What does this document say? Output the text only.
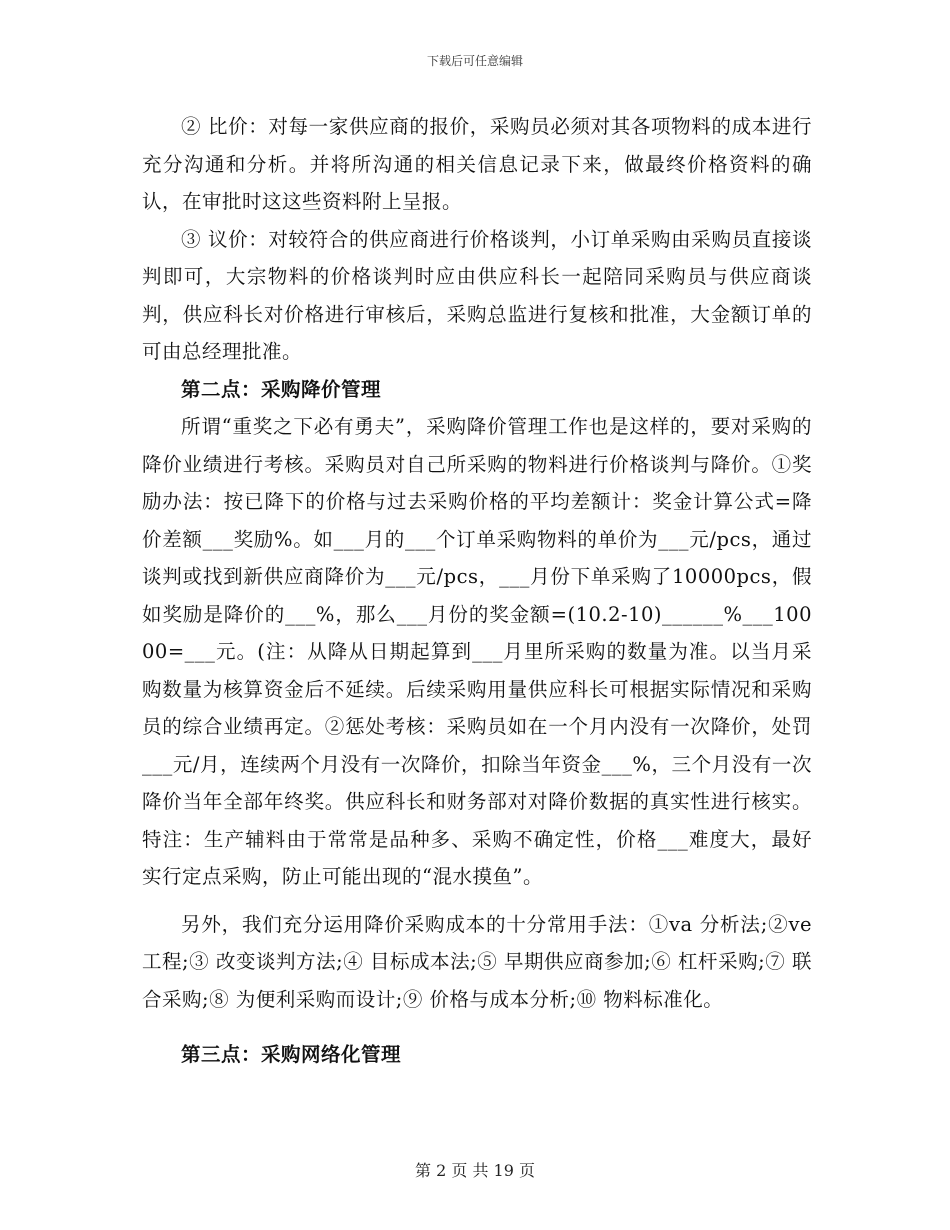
下载后可任意编辑

② 比价：对每一家供应商的报价，采购员必须对其各项物料的成本进行充分沟通和分析。并将所沟通的相关信息记录下来，做最终价格资料的确认，在审批时这这些资料附上呈报。

③ 议价：对较符合的供应商进行价格谈判，小订单采购由采购员直接谈判即可，大宗物料的价格谈判时应由供应科长一起陪同采购员与供应商谈判，供应科长对价格进行审核后，采购总监进行复核和批准，大金额订单的可由总经理批准。

第二点：采购降价管理

所谓“重奖之下必有勇夫”，采购降价管理工作也是这样的，要对采购的降价业绩进行考核。采购员对自己所采购的物料进行价格谈判与降价。①奖励办法：按已降下的价格与过去采购价格的平均差额计：奖金计算公式=降价差额___奖励%。如___月的___个订单采购物料的单价为___元/pcs，通过谈判或找到新供应商降价为___元/pcs，___月份下单采购了10000pcs，假如奖励是降价的___%，那么___月份的奖金额=(10.2-10)______%___10000=___元。(注：从降从日期起算到___月里所采购的数量为准。以当月采购数量为核算资金后不延续。后续采购用量供应科长可根据实际情况和采购员的综合业绩再定。②惩处考核：采购员如在一个月内没有一次降价，处罚___元/月，连续两个月没有一次降价，扣除当年资金___%，三个月没有一次降价当年全部年终奖。供应科长和财务部对对降价数据的真实性进行核实。特注：生产辅料由于常常是品种多、采购不确定性，价格___难度大，最好实行定点采购，防止可能出现的“混水摸鱼”。

另外，我们充分运用降价采购成本的十分常用手法：①va 分析法;②ve 工程;③ 改变谈判方法;④ 目标成本法;⑤ 早期供应商参加;⑥ 杠杆采购;⑦ 联合采购;⑧ 为便利采购而设计;⑨ 价格与成本分析;⑩ 物料标准化。

第三点：采购网络化管理

第 2 页 共 19 页
